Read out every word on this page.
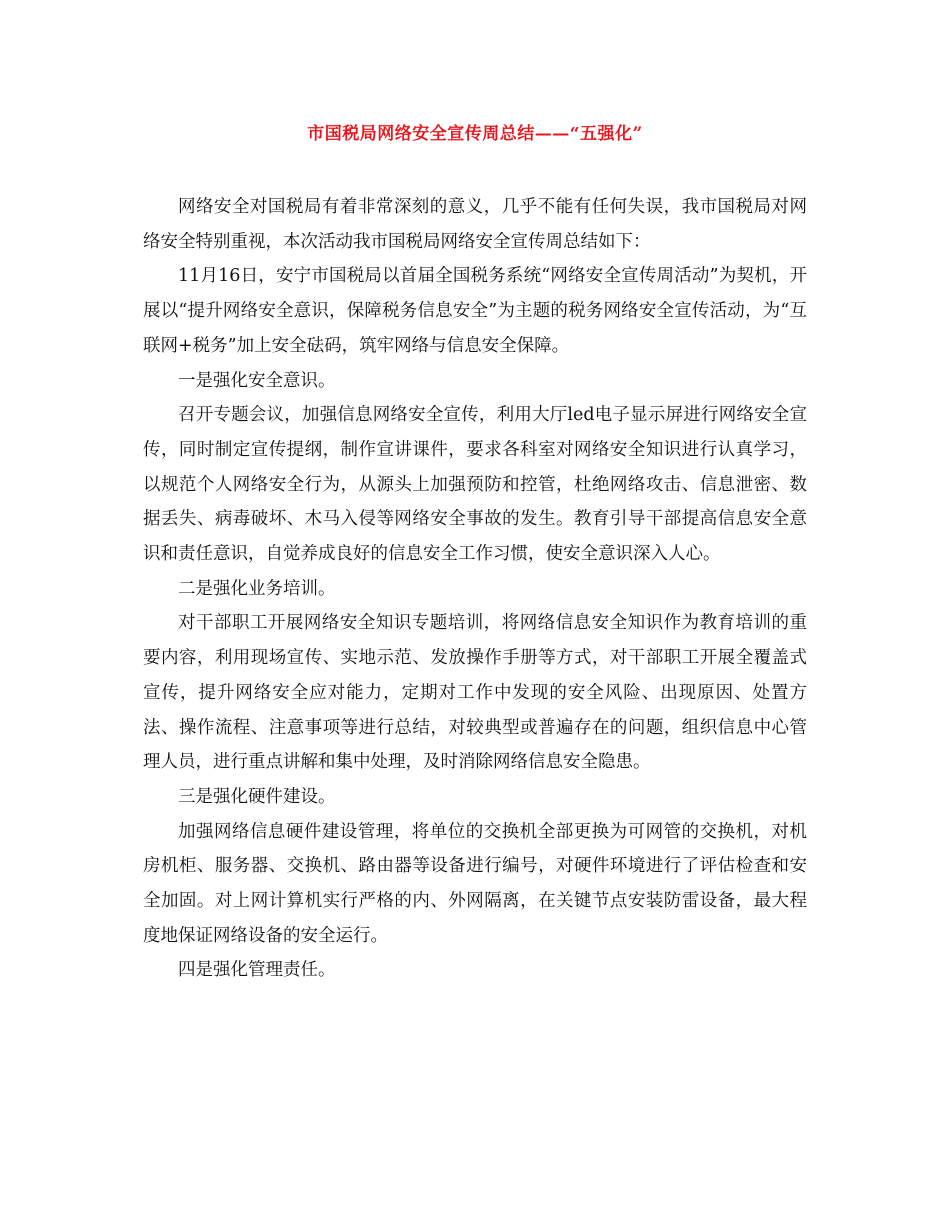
市国税局网络安全宣传周总结——“五强化”

网络安全对国税局有着非常深刻的意义，几乎不能有任何失误，我市国税局对网络安全特别重视，本次活动我市国税局网络安全宣传周总结如下：

11月16日，安宁市国税局以首届全国税务系统“网络安全宣传周活动”为契机，开展以“提升网络安全意识，保障税务信息安全”为主题的税务网络安全宣传活动，为“互联网+税务”加上安全砝码，筑牢网络与信息安全保障。

一是强化安全意识。

召开专题会议，加强信息网络安全宣传，利用大厅led电子显示屏进行网络安全宣传，同时制定宣传提纲，制作宣讲课件，要求各科室对网络安全知识进行认真学习，以规范个人网络安全行为，从源头上加强预防和控管，杜绝网络攻击、信息泄密、数据丢失、病毒破坏、木马入侵等网络安全事故的发生。教育引导干部提高信息安全意识和责任意识，自觉养成良好的信息安全工作习惯，使安全意识深入人心。

二是强化业务培训。

对干部职工开展网络安全知识专题培训，将网络信息安全知识作为教育培训的重要内容，利用现场宣传、实地示范、发放操作手册等方式，对干部职工开展全覆盖式宣传，提升网络安全应对能力，定期对工作中发现的安全风险、出现原因、处置方法、操作流程、注意事项等进行总结，对较典型或普遍存在的问题，组织信息中心管理人员，进行重点讲解和集中处理，及时消除网络信息安全隐患。

三是强化硬件建设。

加强网络信息硬件建设管理，将单位的交换机全部更换为可网管的交换机，对机房机柜、服务器、交换机、路由器等设备进行编号，对硬件环境进行了评估检查和安全加固。对上网计算机实行严格的内、外网隔离，在关键节点安装防雷设备，最大程度地保证网络设备的安全运行。

四是强化管理责任。
